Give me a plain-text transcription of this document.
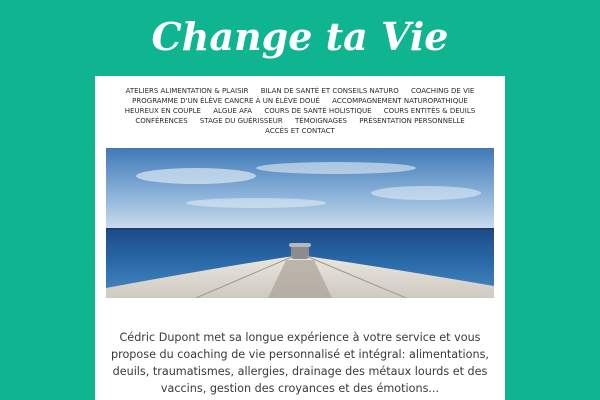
Change ta Vie
ATELIERS ALIMENTATION & PLAISIR BILAN DE SANTÉ ET CONSEILS NATURO COACHING DE VIE PROGRAMME D'UN ÉLÈVE CANCRE À UN ÉLÈVE DOUÉ ACCOMPAGNEMENT NATUROPATHIQUE HEUREUX EN COUPLE ALGUE AFA COURS DE SANTÉ HOLISTIQUE COURS ENTITÉS & DEUILS CONFÉRENCES STAGE DU GUÉRISSEUR TÉMOIGNAGES PRÉSENTATION PERSONNELLE ACCÈS ET CONTACT
Cédric Dupont met sa longue expérience à votre service et vous propose du coaching de vie personnalisé et intégral: alimentations, deuils, traumatismes, allergies, drainage des métaux lourds et des vaccins, gestion des croyances et des émotions...
